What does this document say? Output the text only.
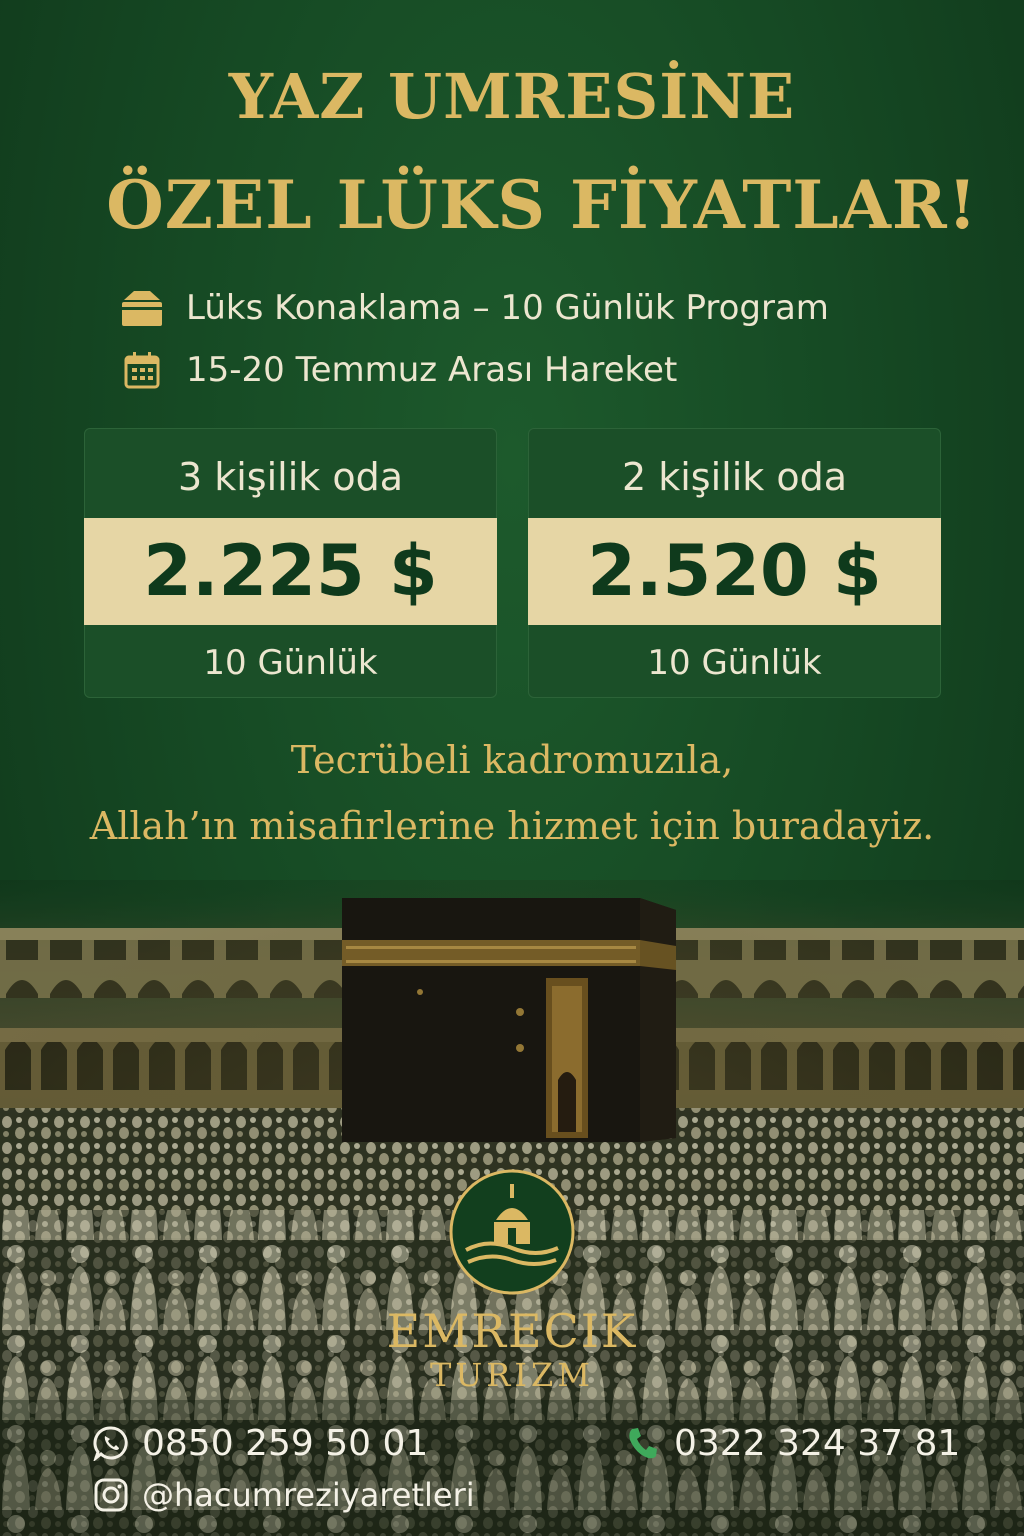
YAZ UMRESİNE
ÖZEL LÜKS FİYATLAR!
Lüks Konaklama – 10 Günlük Program
15-20 Temmuz Arası Hareket
3 kişilik oda
2.225 $
10 Günlük
2 kişilik oda
2.520 $
10 Günlük

Tecrübeli kadromuzıla,

Allah’ın misafirlerine hizmet için buradayiz.

EMRECIK
TURIZM
0850 259 50 01	0322 324 37 81
@hacumreziyaretleri
